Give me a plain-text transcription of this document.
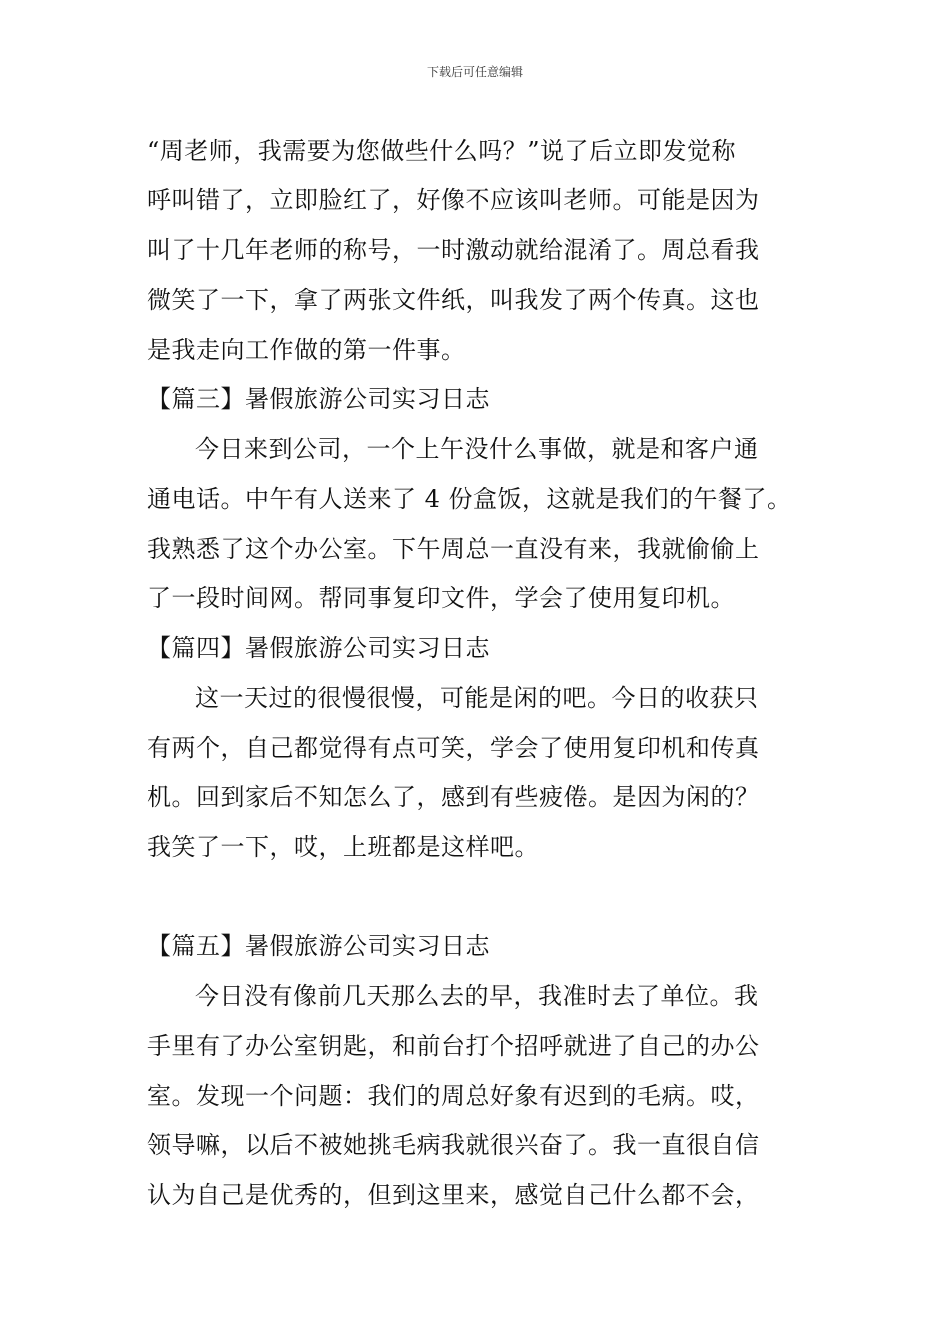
下载后可任意编辑
“周老师，我需要为您做些什么吗？”说了后立即发觉称
呼叫错了，立即脸红了，好像不应该叫老师。可能是因为
叫了十几年老师的称号，一时激动就给混淆了。周总看我
微笑了一下，拿了两张文件纸，叫我发了两个传真。这也
是我走向工作做的第一件事。
【篇三】暑假旅游公司实习日志
今日来到公司，一个上午没什么事做，就是和客户通
通电话。中午有人送来了 4 份盒饭，这就是我们的午餐了。
我熟悉了这个办公室。下午周总一直没有来，我就偷偷上
了一段时间网。帮同事复印文件，学会了使用复印机。
【篇四】暑假旅游公司实习日志
这一天过的很慢很慢，可能是闲的吧。今日的收获只
有两个，自己都觉得有点可笑，学会了使用复印机和传真
机。回到家后不知怎么了，感到有些疲倦。是因为闲的？
我笑了一下，哎，上班都是这样吧。
【篇五】暑假旅游公司实习日志
今日没有像前几天那么去的早，我准时去了单位。我
手里有了办公室钥匙，和前台打个招呼就进了自己的办公
室。发现一个问题：我们的周总好象有迟到的毛病。哎，
领导嘛，以后不被她挑毛病我就很兴奋了。我一直很自信
认为自己是优秀的，但到这里来，感觉自己什么都不会，
